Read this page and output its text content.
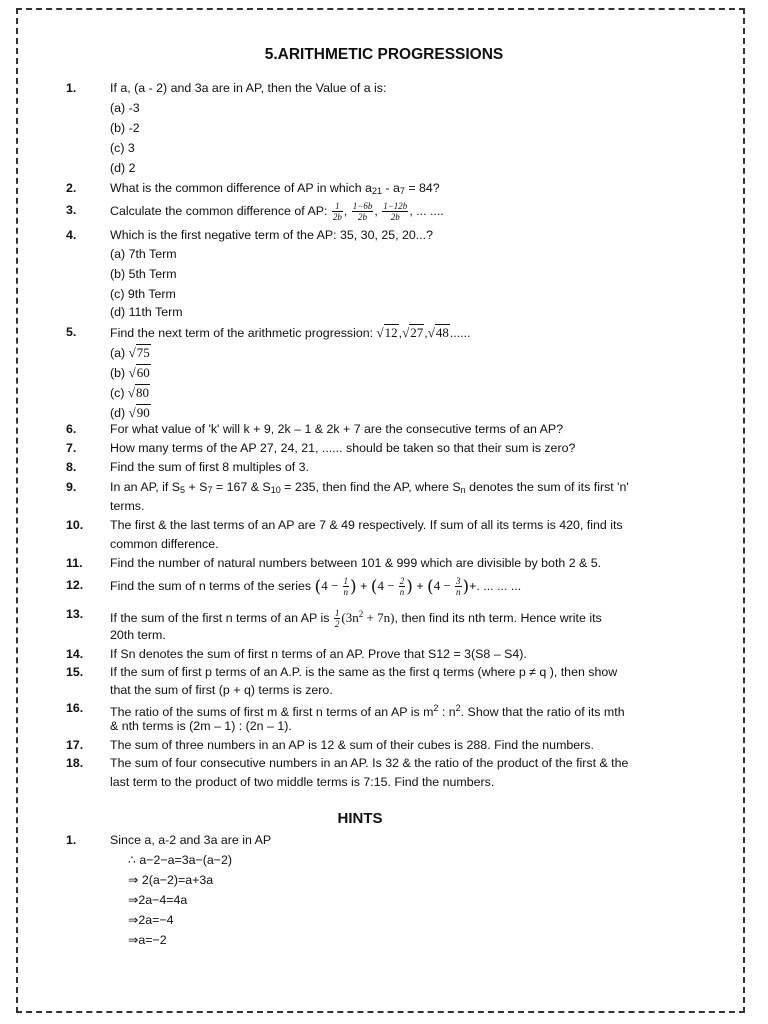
5.ARITHMETIC PROGRESSIONS
1.	If a, (a - 2) and 3a are in AP, then the Value of a is:
(a) -3
(b) -2
(c) 3
(d) 2
2.	What is the common difference of AP in which $a_{21} - a_7 = 84$?
3.	Calculate the common difference of AP: $\frac{1}{2b}$ , $\frac{1-6b}{2b}$ , $\frac{1-12b}{2b}$ , ... ....
4.	Which is the first negative term of the AP: 35, 30, 25, 20...?
(a) 7th Term
(b) 5th Term
(c) 9th Term
(d) 11th Term
5.	Find the next term of the arithmetic progression: √12,√27,√48......
(a) √75
(b) √60
(c) √80
(d) √90
6.	For what value of 'k' will k + 9, 2k – 1 & 2k + 7 are the consecutive terms of an AP?
7.	How many terms of the AP 27, 24, 21, ...... should be taken so that their sum is zero?
8.	Find the sum of first 8 multiples of 3.
9.	In an AP, if $S_5 + S_7 = 167$ & $S_{10} = 235$, then find the AP, where $S_n$ denotes the sum of its first 'n'
terms.
10. The first & the last terms of an AP are 7 & 49 respectively. If sum of all its terms is 420, find its
common difference.
11. Find the number of natural numbers between 101 & 999 which are divisible by both 2 & 5.
12. Find the sum of n terms of the series ($4 - \frac{1}{n}$ ) + ($4 - \frac{2}{n}$ ) + ($4 - \frac{3}{n}$ )+. ... ... ...
13. If the sum of the first n terms of an AP is $\frac{1}{2} (3n^2 + 7n)$, then find its nth term. Hence write its
20th term.
14. If Sn denotes the sum of first n terms of an AP. Prove that S12 = 3(S8 – S4).
15. If the sum of first p terms of an A.P. is the same as the first q terms (where p ≠ q ), then show
that the sum of first (p + q) terms is zero.
16. The ratio of the sums of first m & first n terms of an AP is $m^2$ : $n^2$. Show that the ratio of its mth
& nth terms is (2m – 1) : (2n – 1).
17. The sum of three numbers in an AP is 12 & sum of their cubes is 288. Find the numbers.
18. The sum of four consecutive numbers in an AP. Is 32 & the ratio of the product of the first & the
last term to the product of two middle terms is 7:15. Find the numbers.
HINTS
1.	Since a, a-2 and 3a are in AP
∴ a−2−a=3a−(a−2)
⇒ 2(a−2)=a+3a
⇒2a−4=4a
⇒2a=−4
⇒a=−2
